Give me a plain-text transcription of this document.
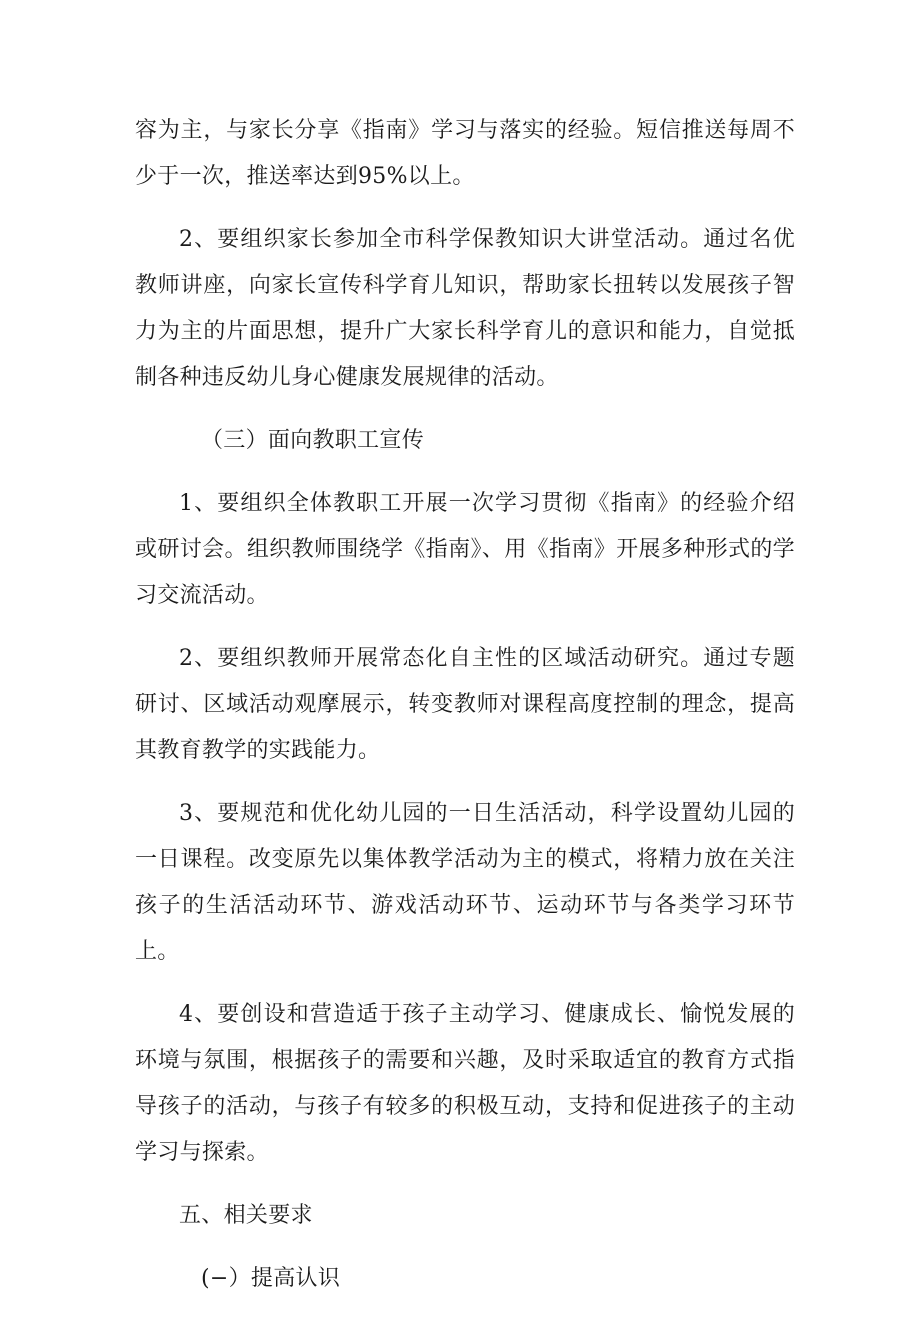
容为主，与家长分享《指南》学习与落实的经验。短信推送每周不少于一次，推送率达到95%以上。

2、要组织家长参加全市科学保教知识大讲堂活动。通过名优教师讲座，向家长宣传科学育儿知识，帮助家长扭转以发展孩子智力为主的片面思想，提升广大家长科学育儿的意识和能力，自觉抵制各种违反幼儿身心健康发展规律的活动。

（三）面向教职工宣传

1、要组织全体教职工开展一次学习贯彻《指南》的经验介绍或研讨会。组织教师围绕学《指南》、用《指南》开展多种形式的学习交流活动。

2、要组织教师开展常态化自主性的区域活动研究。通过专题研讨、区域活动观摩展示，转变教师对课程高度控制的理念，提高其教育教学的实践能力。

3、要规范和优化幼儿园的一日生活活动，科学设置幼儿园的一日课程。改变原先以集体教学活动为主的模式，将精力放在关注孩子的生活活动环节、游戏活动环节、运动环节与各类学习环节上。

4、要创设和营造适于孩子主动学习、健康成长、愉悦发展的环境与氛围，根据孩子的需要和兴趣，及时采取适宜的教育方式指导孩子的活动，与孩子有较多的积极互动，支持和促进孩子的主动学习与探索。

五、相关要求

(−）提高认识
